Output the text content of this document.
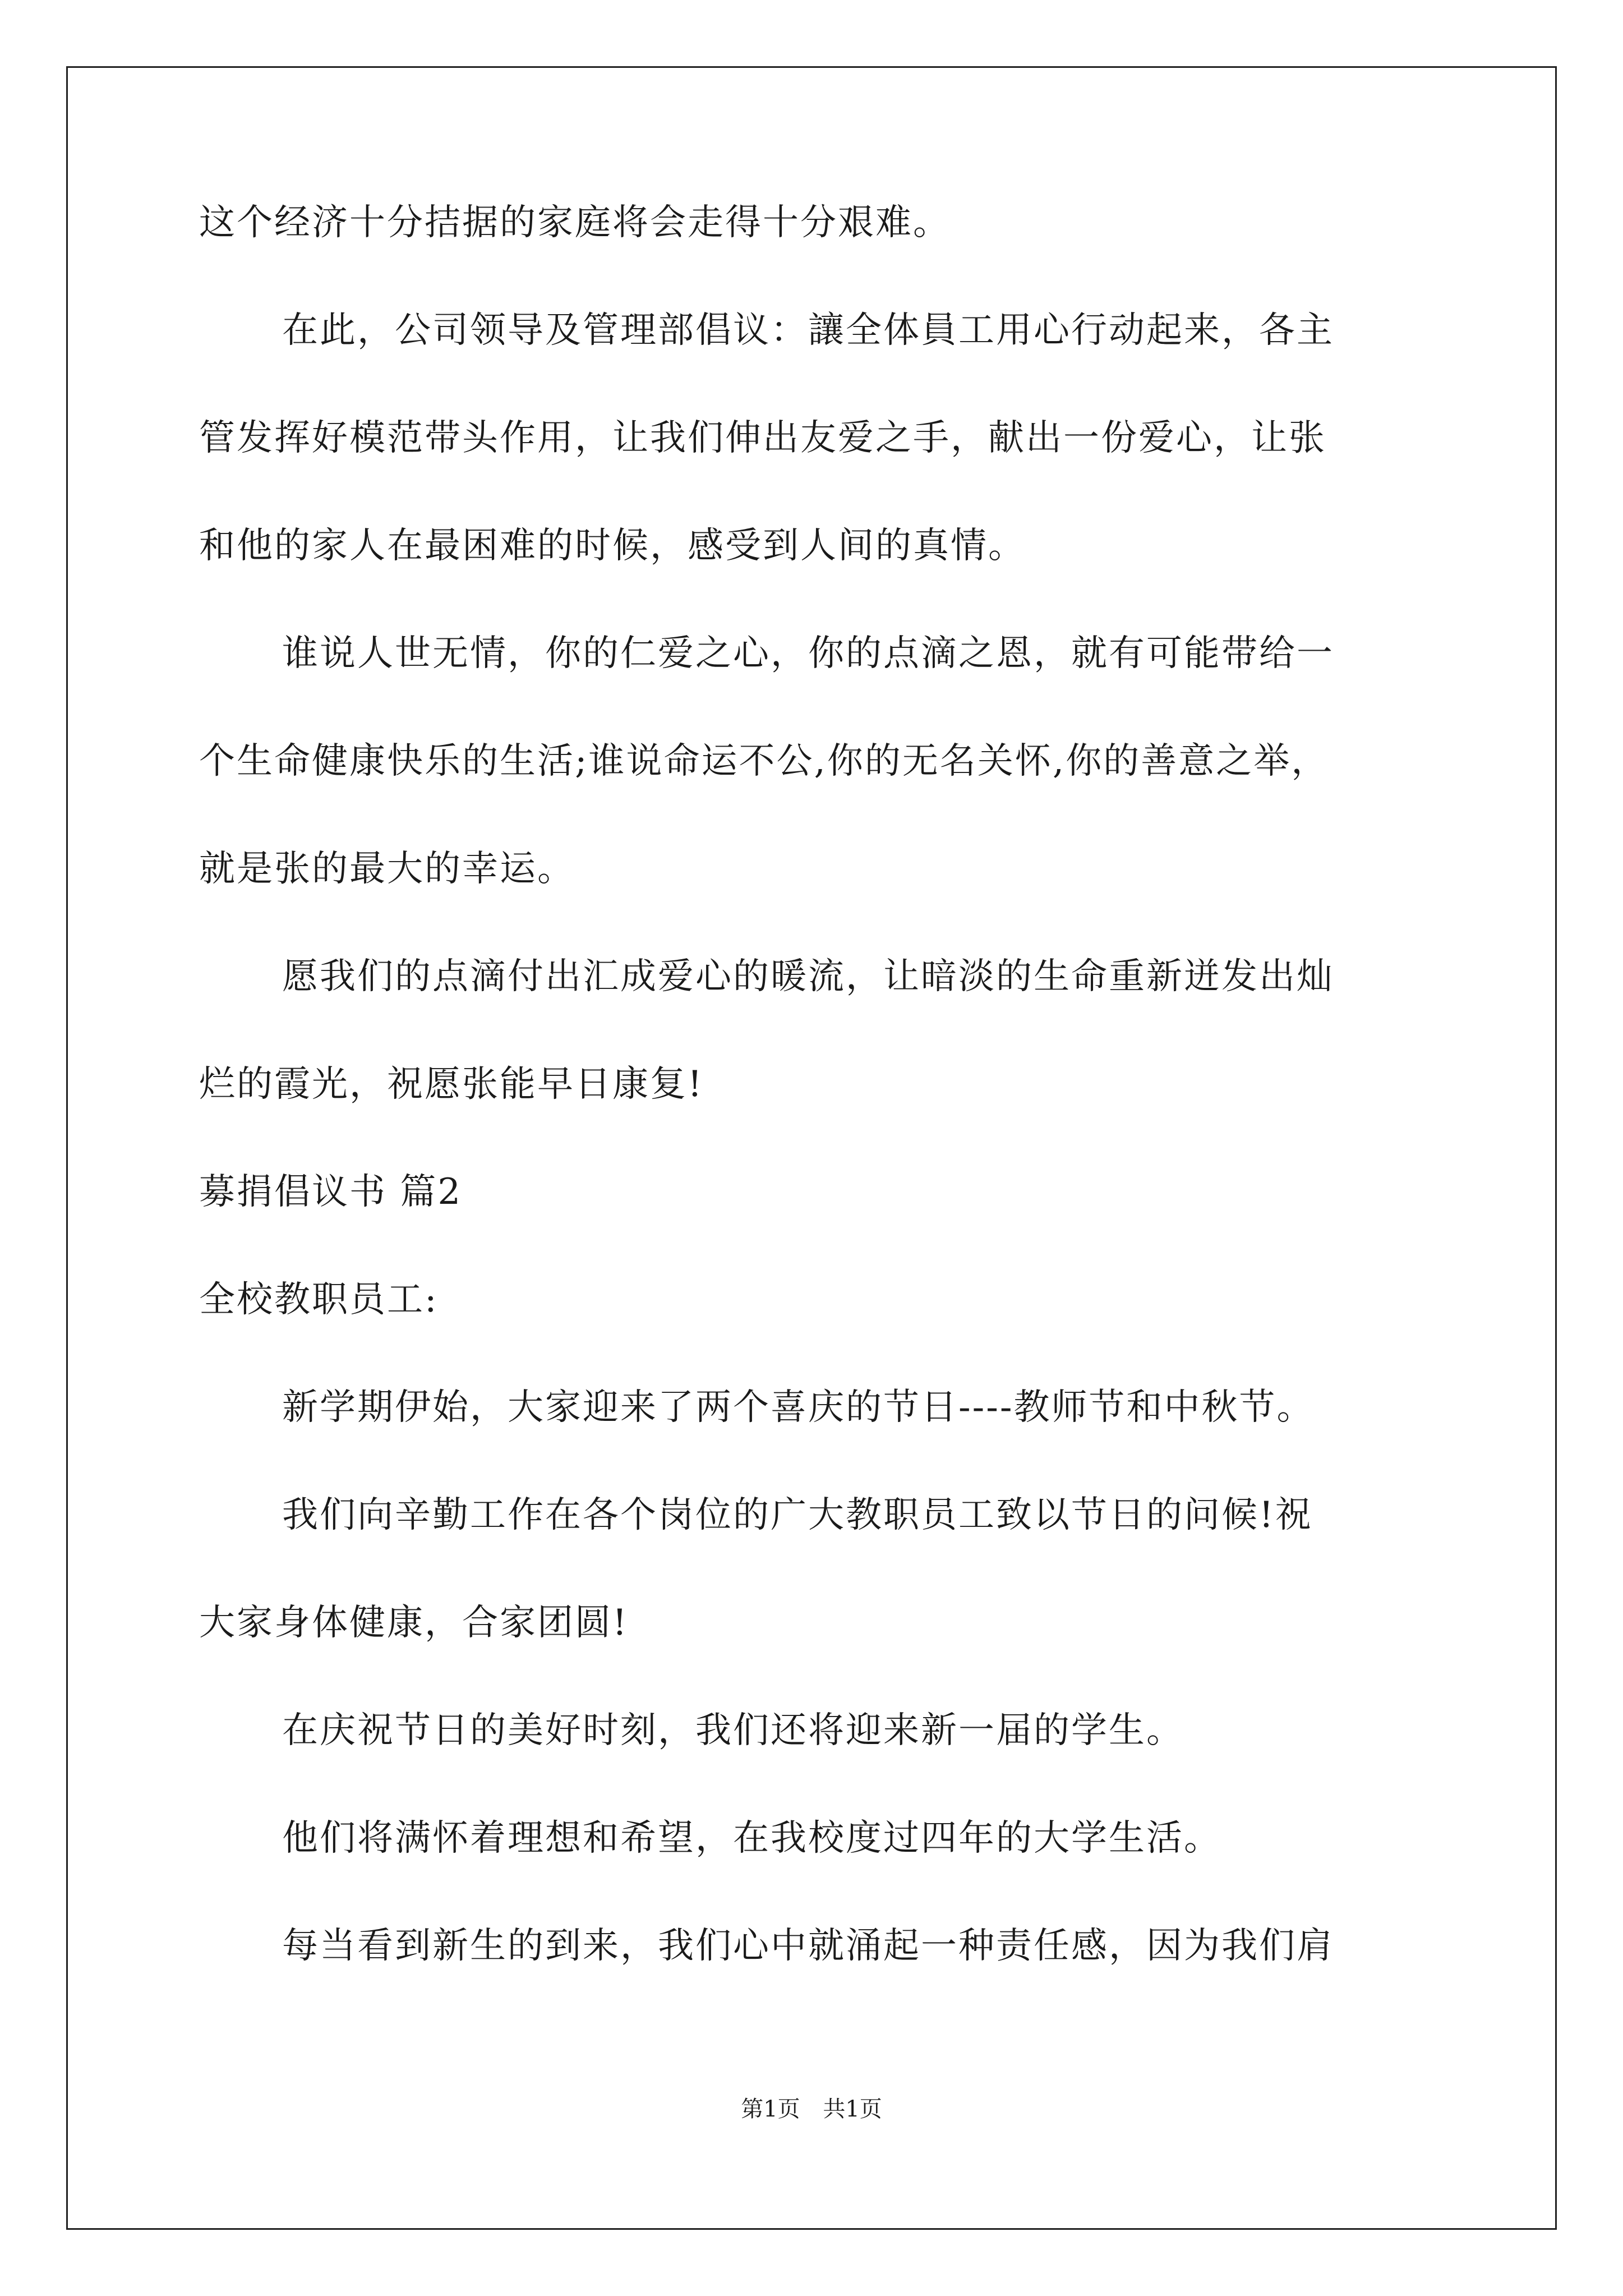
这个经济十分拮据的家庭将会走得十分艰难。
在此，公司领导及管理部倡议：讓全体員工用心行动起来，各主
管发挥好模范带头作用，让我们伸出友爱之手，献出一份爱心，让张
和他的家人在最困难的时候，感受到人间的真情。
谁说人世无情，你的仁爱之心，你的点滴之恩，就有可能带给一
个生命健康快乐的生活;谁说命运不公,你的无名关怀,你的善意之举，
就是张的最大的幸运。
愿我们的点滴付出汇成爱心的暖流，让暗淡的生命重新迸发出灿
烂的霞光，祝愿张能早日康复!
募捐倡议书 篇2
全校教职员工:
新学期伊始，大家迎来了两个喜庆的节日----教师节和中秋节。
我们向辛勤工作在各个岗位的广大教职员工致以节日的问候!祝
大家身体健康，合家团圆!
在庆祝节日的美好时刻，我们还将迎来新一届的学生。
他们将满怀着理想和希望，在我校度过四年的大学生活。
每当看到新生的到来，我们心中就涌起一种责任感，因为我们肩
第1页 共1页
